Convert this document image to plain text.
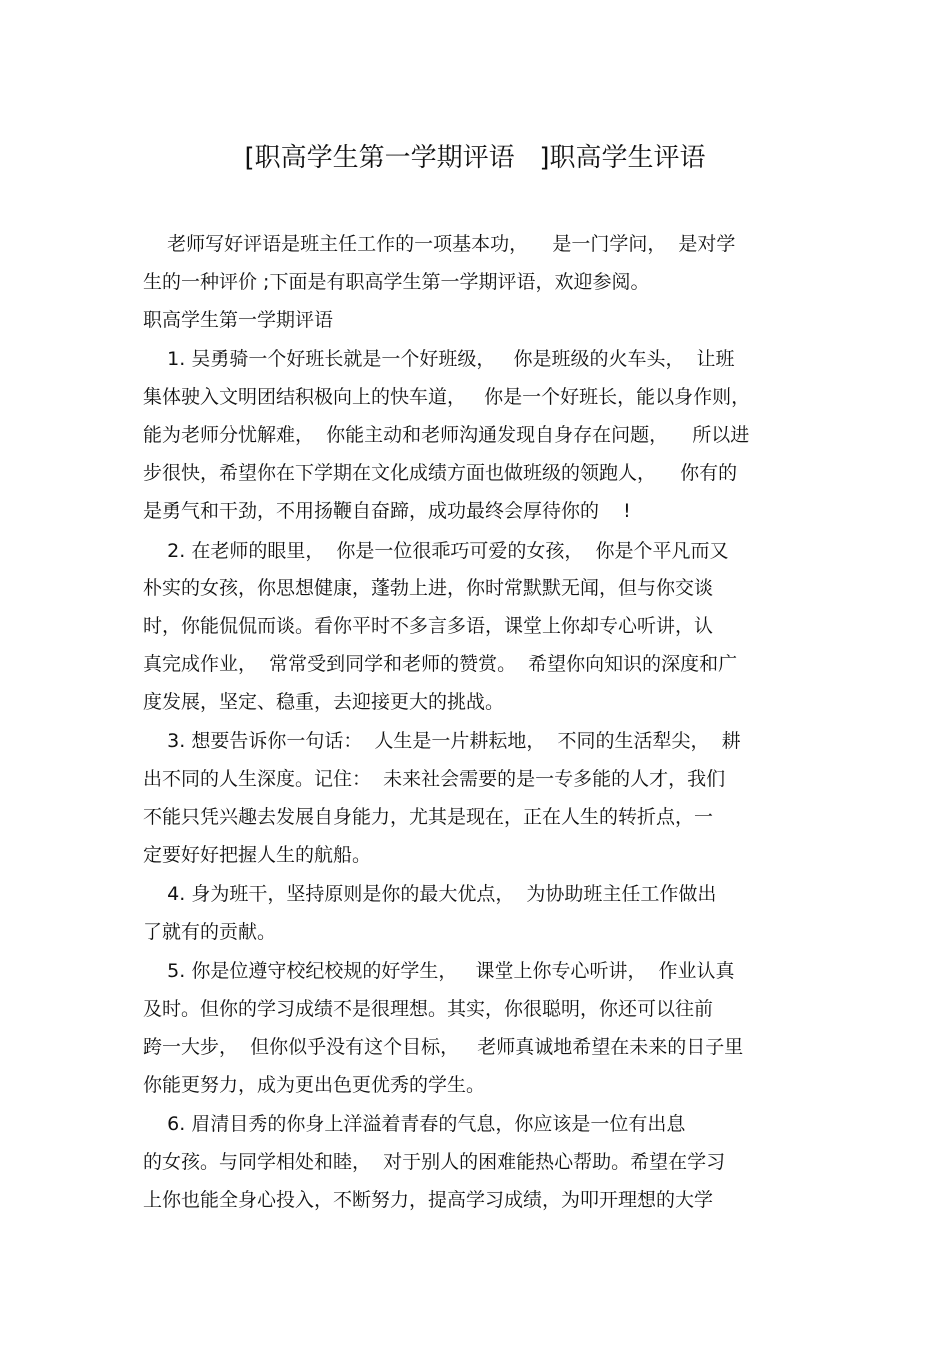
[职高学生第一学期评语   ]职高学生评语
老师写好评语是班主任工作的一项基本功，    是一门学问，  是对学
生的一种评价 ;下面是有职高学生第一学期评语，欢迎参阅。
职高学生第一学期评语
1. 吴勇骑一个好班长就是一个好班级，   你是班级的火车头，  让班
集体驶入文明团结积极向上的快车道，   你是一个好班长，能以身作则，
能为老师分忧解难，  你能主动和老师沟通发现自身存在问题，    所以进
步很快，希望你在下学期在文化成绩方面也做班级的领跑人，    你有的
是勇气和干劲，不用扬鞭自奋蹄，成功最终会厚待你的    !
2. 在老师的眼里，  你是一位很乖巧可爱的女孩，  你是个平凡而又
朴实的女孩，你思想健康，蓬勃上进，你时常默默无闻，但与你交谈
时，你能侃侃而谈。看你平时不多言多语，课堂上你却专心听讲，认
真完成作业，  常常受到同学和老师的赞赏。  希望你向知识的深度和广
度发展，坚定、稳重，去迎接更大的挑战。
3. 想要告诉你一句话：  人生是一片耕耘地，  不同的生活犁尖，  耕
出不同的人生深度。记住：  未来社会需要的是一专多能的人才，我们
不能只凭兴趣去发展自身能力，尤其是现在，正在人生的转折点，一
定要好好把握人生的航船。
4. 身为班干，坚持原则是你的最大优点，  为协助班主任工作做出
了就有的贡献。
5. 你是位遵守校纪校规的好学生，   课堂上你专心听讲，  作业认真
及时。但你的学习成绩不是很理想。其实，你很聪明，你还可以往前
跨一大步，  但你似乎没有这个目标，   老师真诚地希望在未来的日子里
你能更努力，成为更出色更优秀的学生。
6. 眉清目秀的你身上洋溢着青春的气息，你应该是一位有出息
的女孩。与同学相处和睦，  对于别人的困难能热心帮助。希望在学习
上你也能全身心投入，不断努力，提高学习成绩，为叩开理想的大学
